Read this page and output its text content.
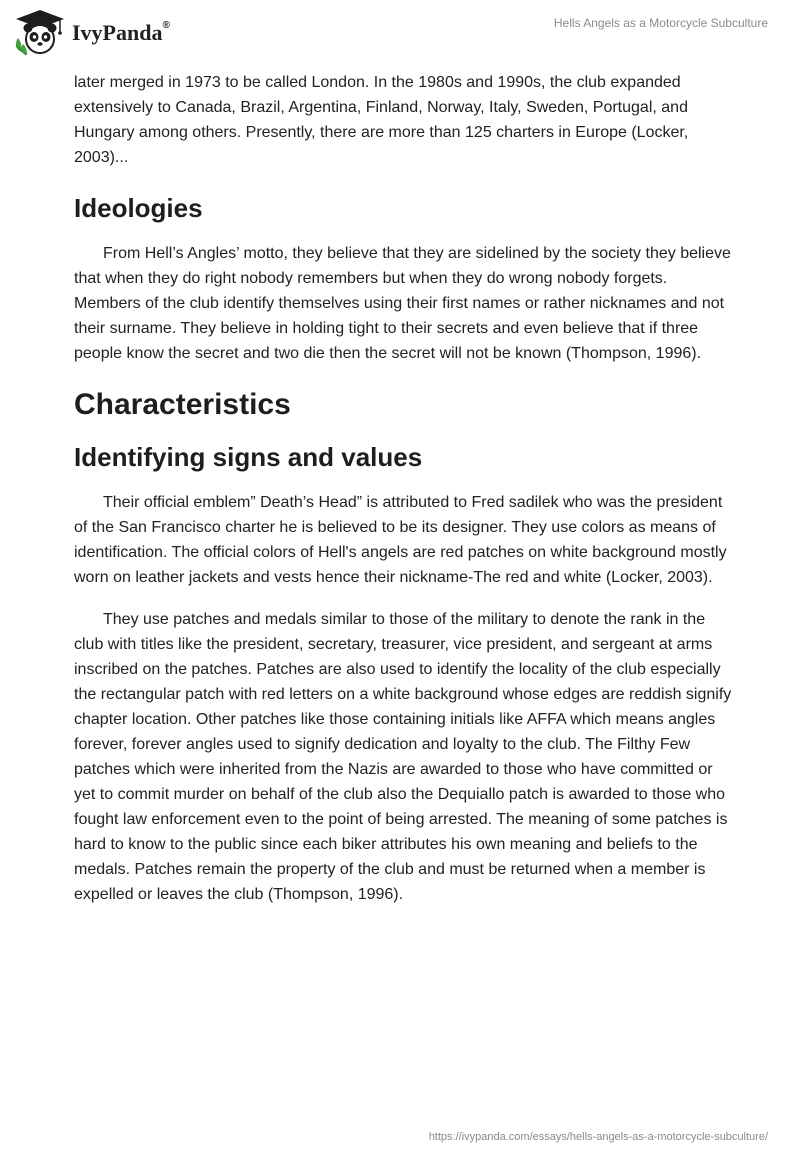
IvyPanda®	Hells Angels as a Motorcycle Subculture

later merged in 1973 to be called London. In the 1980s and 1990s, the club expanded extensively to Canada, Brazil, Argentina, Finland, Norway, Italy, Sweden, Portugal, and Hungary among others. Presently, there are more than 125 charters in Europe (Locker, 2003)...

Ideologies

From Hell’s Angles’ motto, they believe that they are sidelined by the society they believe that when they do right nobody remembers but when they do wrong nobody forgets. Members of the club identify themselves using their first names or rather nicknames and not their surname. They believe in holding tight to their secrets and even believe that if three people know the secret and two die then the secret will not be known (Thompson, 1996).

Characteristics
Identifying signs and values

Their official emblem” Death’s Head” is attributed to Fred sadilek who was the president of the San Francisco charter he is believed to be its designer. They use colors as means of identification. The official colors of Hell's angels are red patches on white background mostly worn on leather jackets and vests hence their nickname-The red and white (Locker, 2003).

They use patches and medals similar to those of the military to denote the rank in the club with titles like the president, secretary, treasurer, vice president, and sergeant at arms inscribed on the patches. Patches are also used to identify the locality of the club especially the rectangular patch with red letters on a white background whose edges are reddish signify chapter location. Other patches like those containing initials like AFFA which means angles forever, forever angles used to signify dedication and loyalty to the club. The Filthy Few patches which were inherited from the Nazis are awarded to those who have committed or yet to commit murder on behalf of the club also the Dequiallo patch is awarded to those who fought law enforcement even to the point of being arrested. The meaning of some patches is hard to know to the public since each biker attributes his own meaning and beliefs to the medals. Patches remain the property of the club and must be returned when a member is expelled or leaves the club (Thompson, 1996).

https://ivypanda.com/essays/hells-angels-as-a-motorcycle-subculture/
